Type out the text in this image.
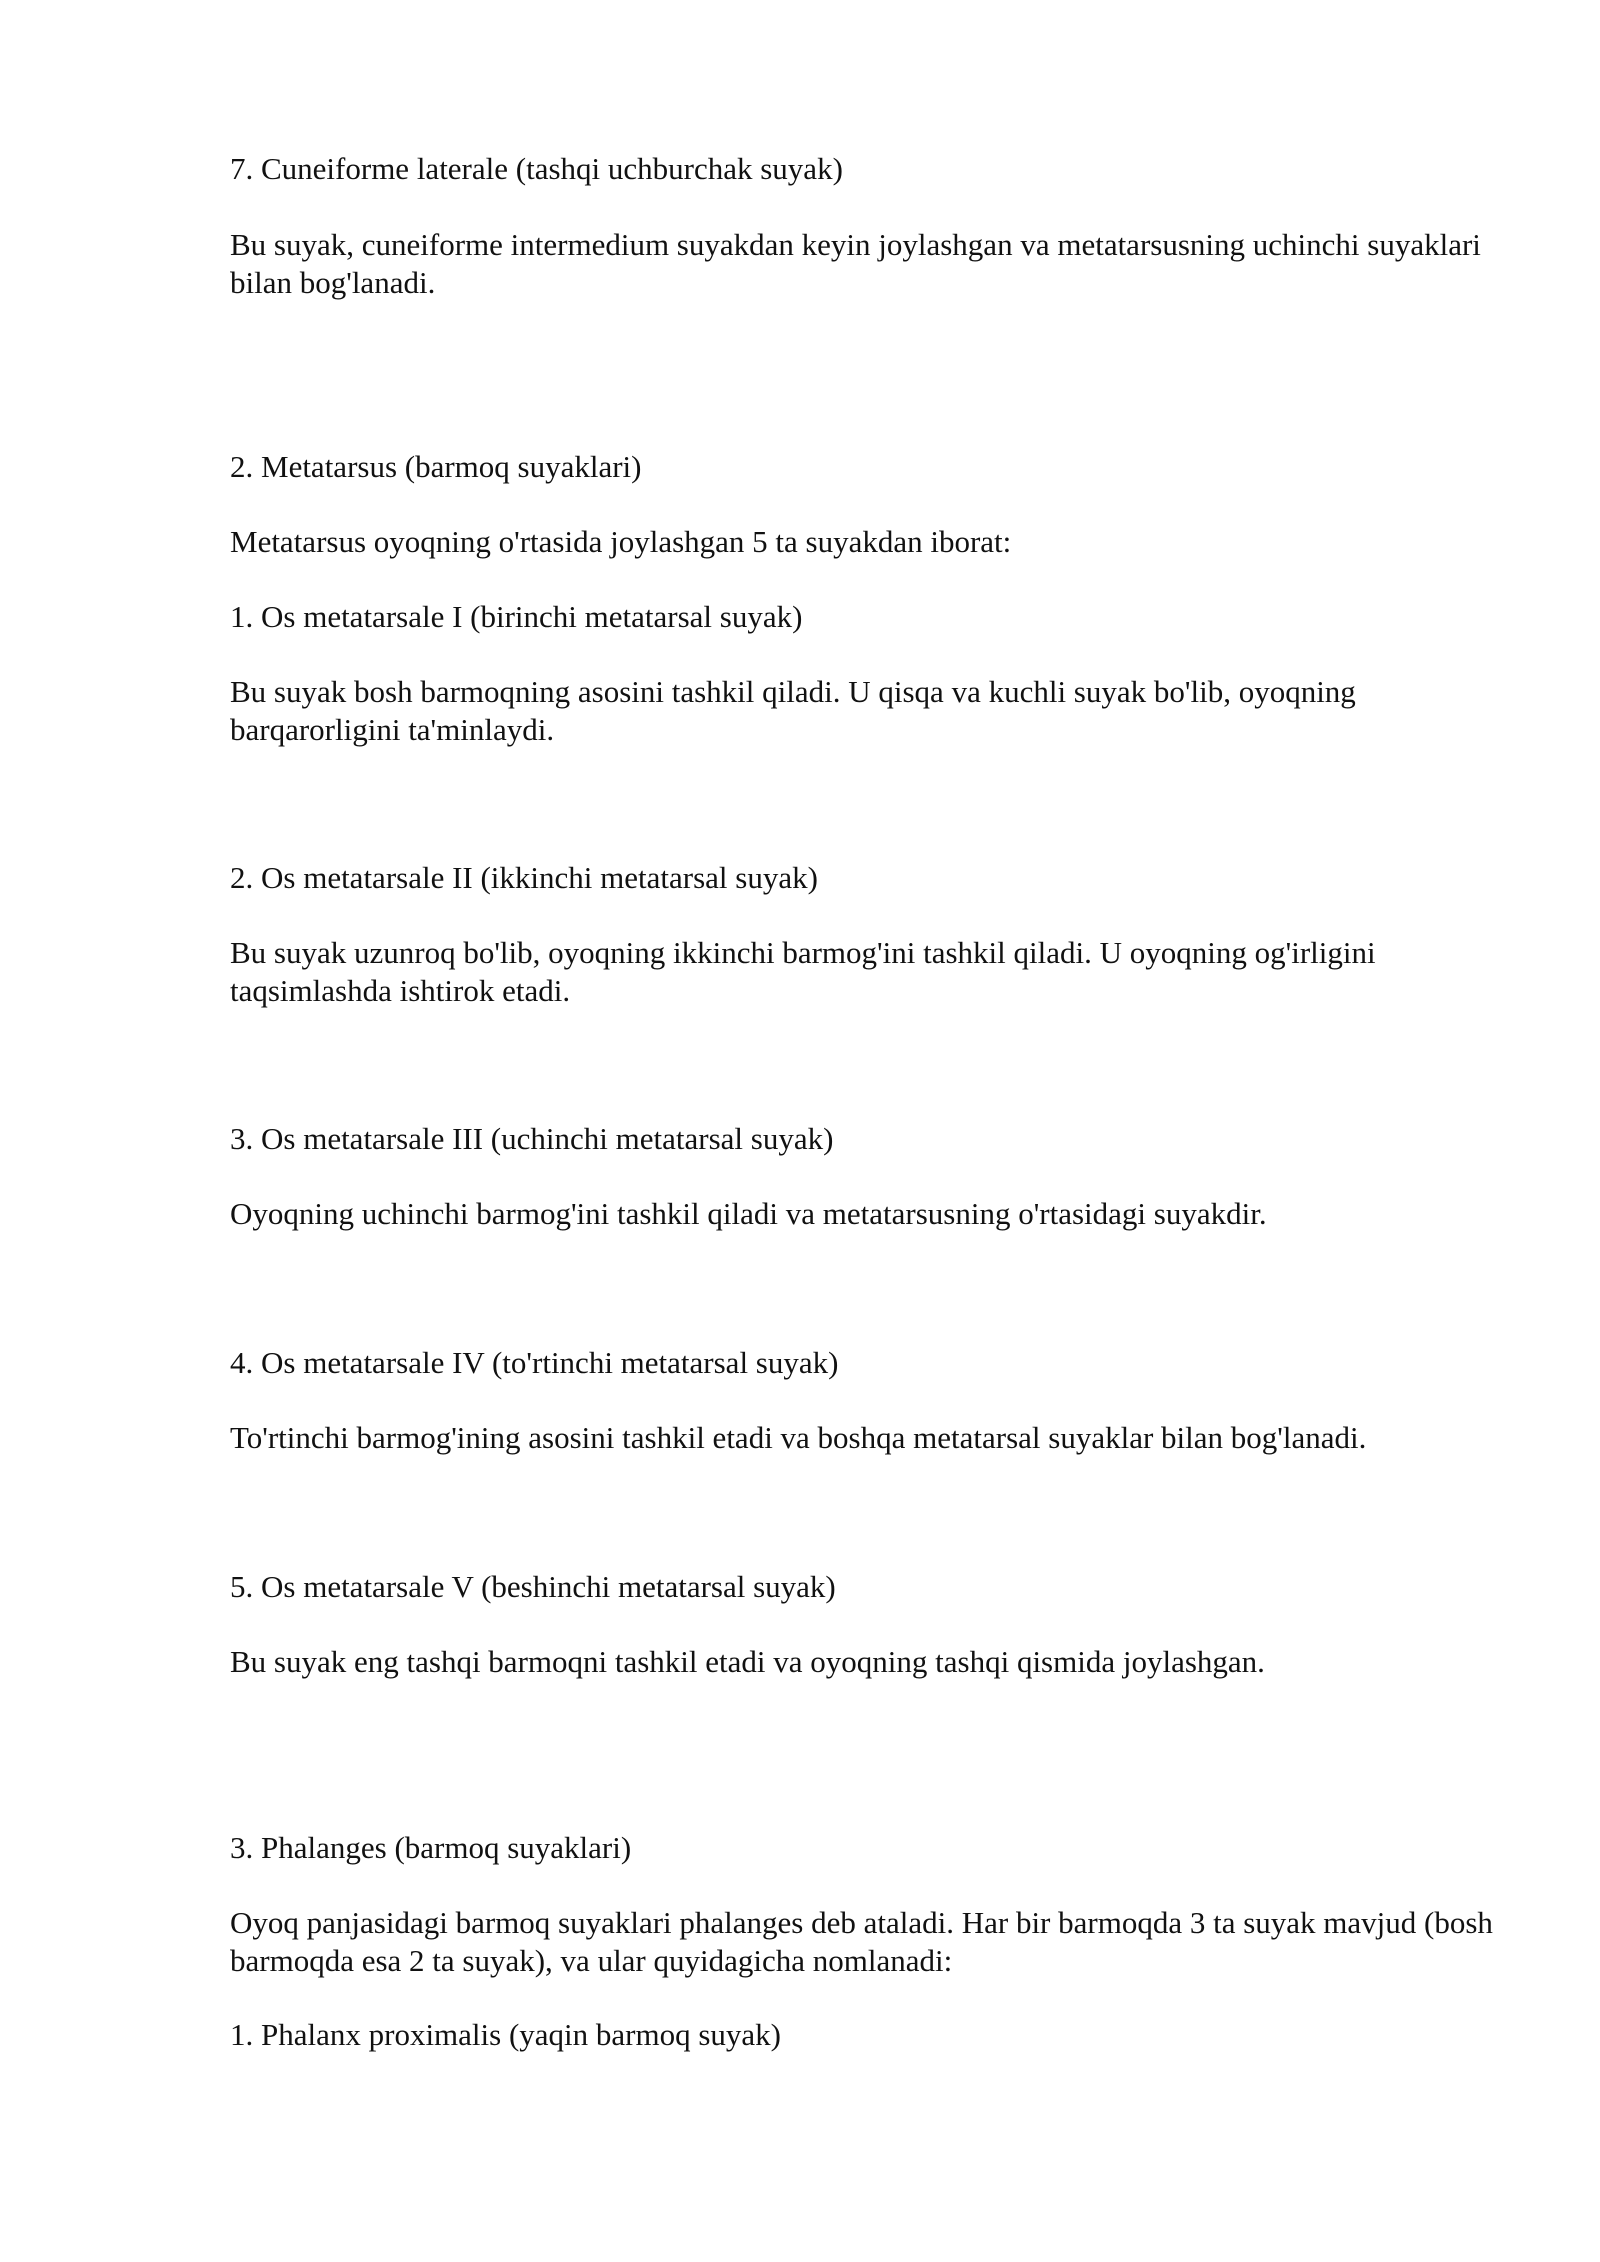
7. Cuneiforme laterale (tashqi uchburchak suyak)

Bu suyak, cuneiforme intermedium suyakdan keyin joylashgan va metatarsusning uchinchi suyaklari bilan bog'lanadi.

2. Metatarsus (barmoq suyaklari)

Metatarsus oyoqning o'rtasida joylashgan 5 ta suyakdan iborat:

1. Os metatarsale I (birinchi metatarsal suyak)

Bu suyak bosh barmoqning asosini tashkil qiladi. U qisqa va kuchli suyak bo'lib, oyoqning barqarorligini ta'minlaydi.

2. Os metatarsale II (ikkinchi metatarsal suyak)

Bu suyak uzunroq bo'lib, oyoqning ikkinchi barmog'ini tashkil qiladi. U oyoqning og'irligini taqsimlashda ishtirok etadi.

3. Os metatarsale III (uchinchi metatarsal suyak)

Oyoqning uchinchi barmog'ini tashkil qiladi va metatarsusning o'rtasidagi suyakdir.

4. Os metatarsale IV (to'rtinchi metatarsal suyak)

To'rtinchi barmog'ining asosini tashkil etadi va boshqa metatarsal suyaklar bilan bog'lanadi.

5. Os metatarsale V (beshinchi metatarsal suyak)

Bu suyak eng tashqi barmoqni tashkil etadi va oyoqning tashqi qismida joylashgan.

3. Phalanges (barmoq suyaklari)

Oyoq panjasidagi barmoq suyaklari phalanges deb ataladi. Har bir barmoqda 3 ta suyak mavjud (bosh barmoqda esa 2 ta suyak), va ular quyidagicha nomlanadi:

1. Phalanx proximalis (yaqin barmoq suyak)
